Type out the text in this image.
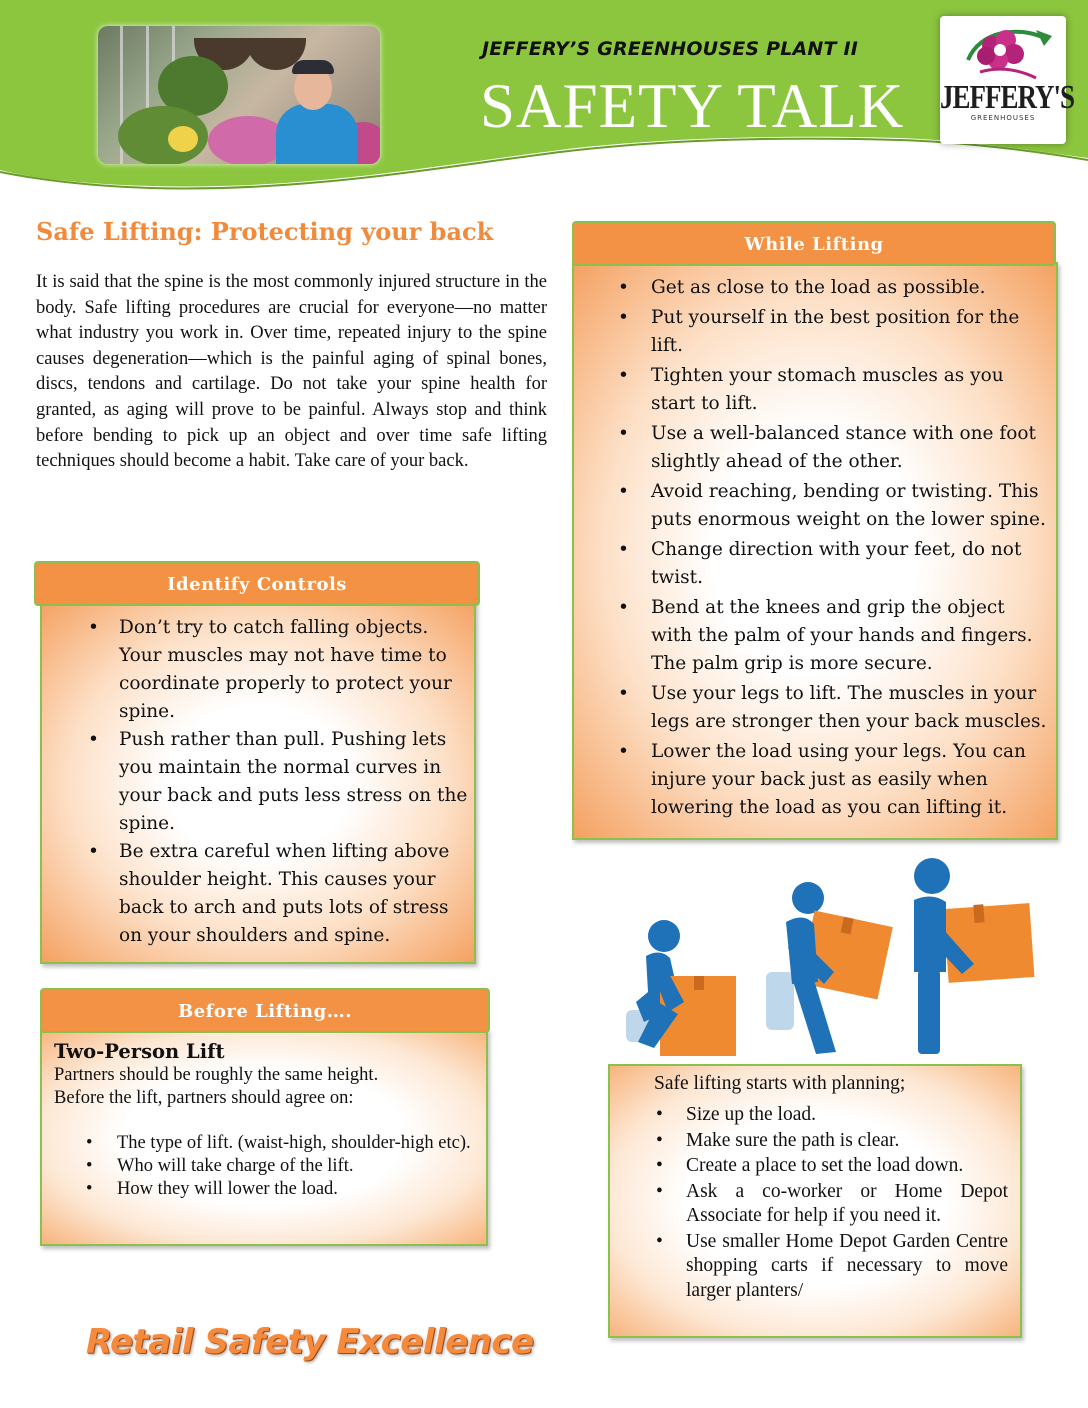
JEFFERY’S GREENHOUSES PLANT II
SAFETY TALK	JEFFERY'S
GREENHOUSES
Safe Lifting: Protecting your back

It is said that the spine is the most commonly injured structure in the body. Safe lifting procedures are crucial for everyone—no matter what industry you work in. Over time, repeated injury to the spine causes degeneration—which is the painful aging of spinal bones, discs, tendons and cartilage. Do not take your spine health for granted, as aging will prove to be painful. Always stop and think before bending to pick up an object and over time safe lifting techniques should become a habit. Take care of your back.

Identify Controls
• Don’t try to catch falling objects. Your muscles may not have time to coordinate properly to protect your spine.
• Push rather than pull. Pushing lets you maintain the normal curves in your back and puts less stress on the spine.
• Be extra careful when lifting above shoulder height. This causes your back to arch and puts lots of stress on your shoulders and spine.
While Lifting
• Get as close to the load as possible.
• Put yourself in the best position for the lift.
• Tighten your stomach muscles as you start to lift.
• Use a well-balanced stance with one foot slightly ahead of the other.
• Avoid reaching, bending or twisting. This puts enormous weight on the lower spine.
• Change direction with your feet, do not twist.
• Bend at the knees and grip the object with the palm of your hands and fingers. The palm grip is more secure.
• Use your legs to lift. The muscles in your legs are stronger then your back muscles.
• Lower the load using your legs. You can injure your back just as easily when lowering the load as you can lifting it.
Before Lifting….
Two-Person Lift
Partners should be roughly the same height.
Before the lift, partners should agree on:
• The type of lift. (waist-high, shoulder-high etc).
• Who will take charge of the lift.
• How they will lower the load.
Safe lifting starts with planning;
• Size up the load.
• Make sure the path is clear.
• Create a place to set the load down.
• Ask a co-worker or Home Depot Associate for help if you need it.
• Use smaller Home Depot Garden Centre shopping carts if necessary to move larger planters/
Retail Safety Excellence
